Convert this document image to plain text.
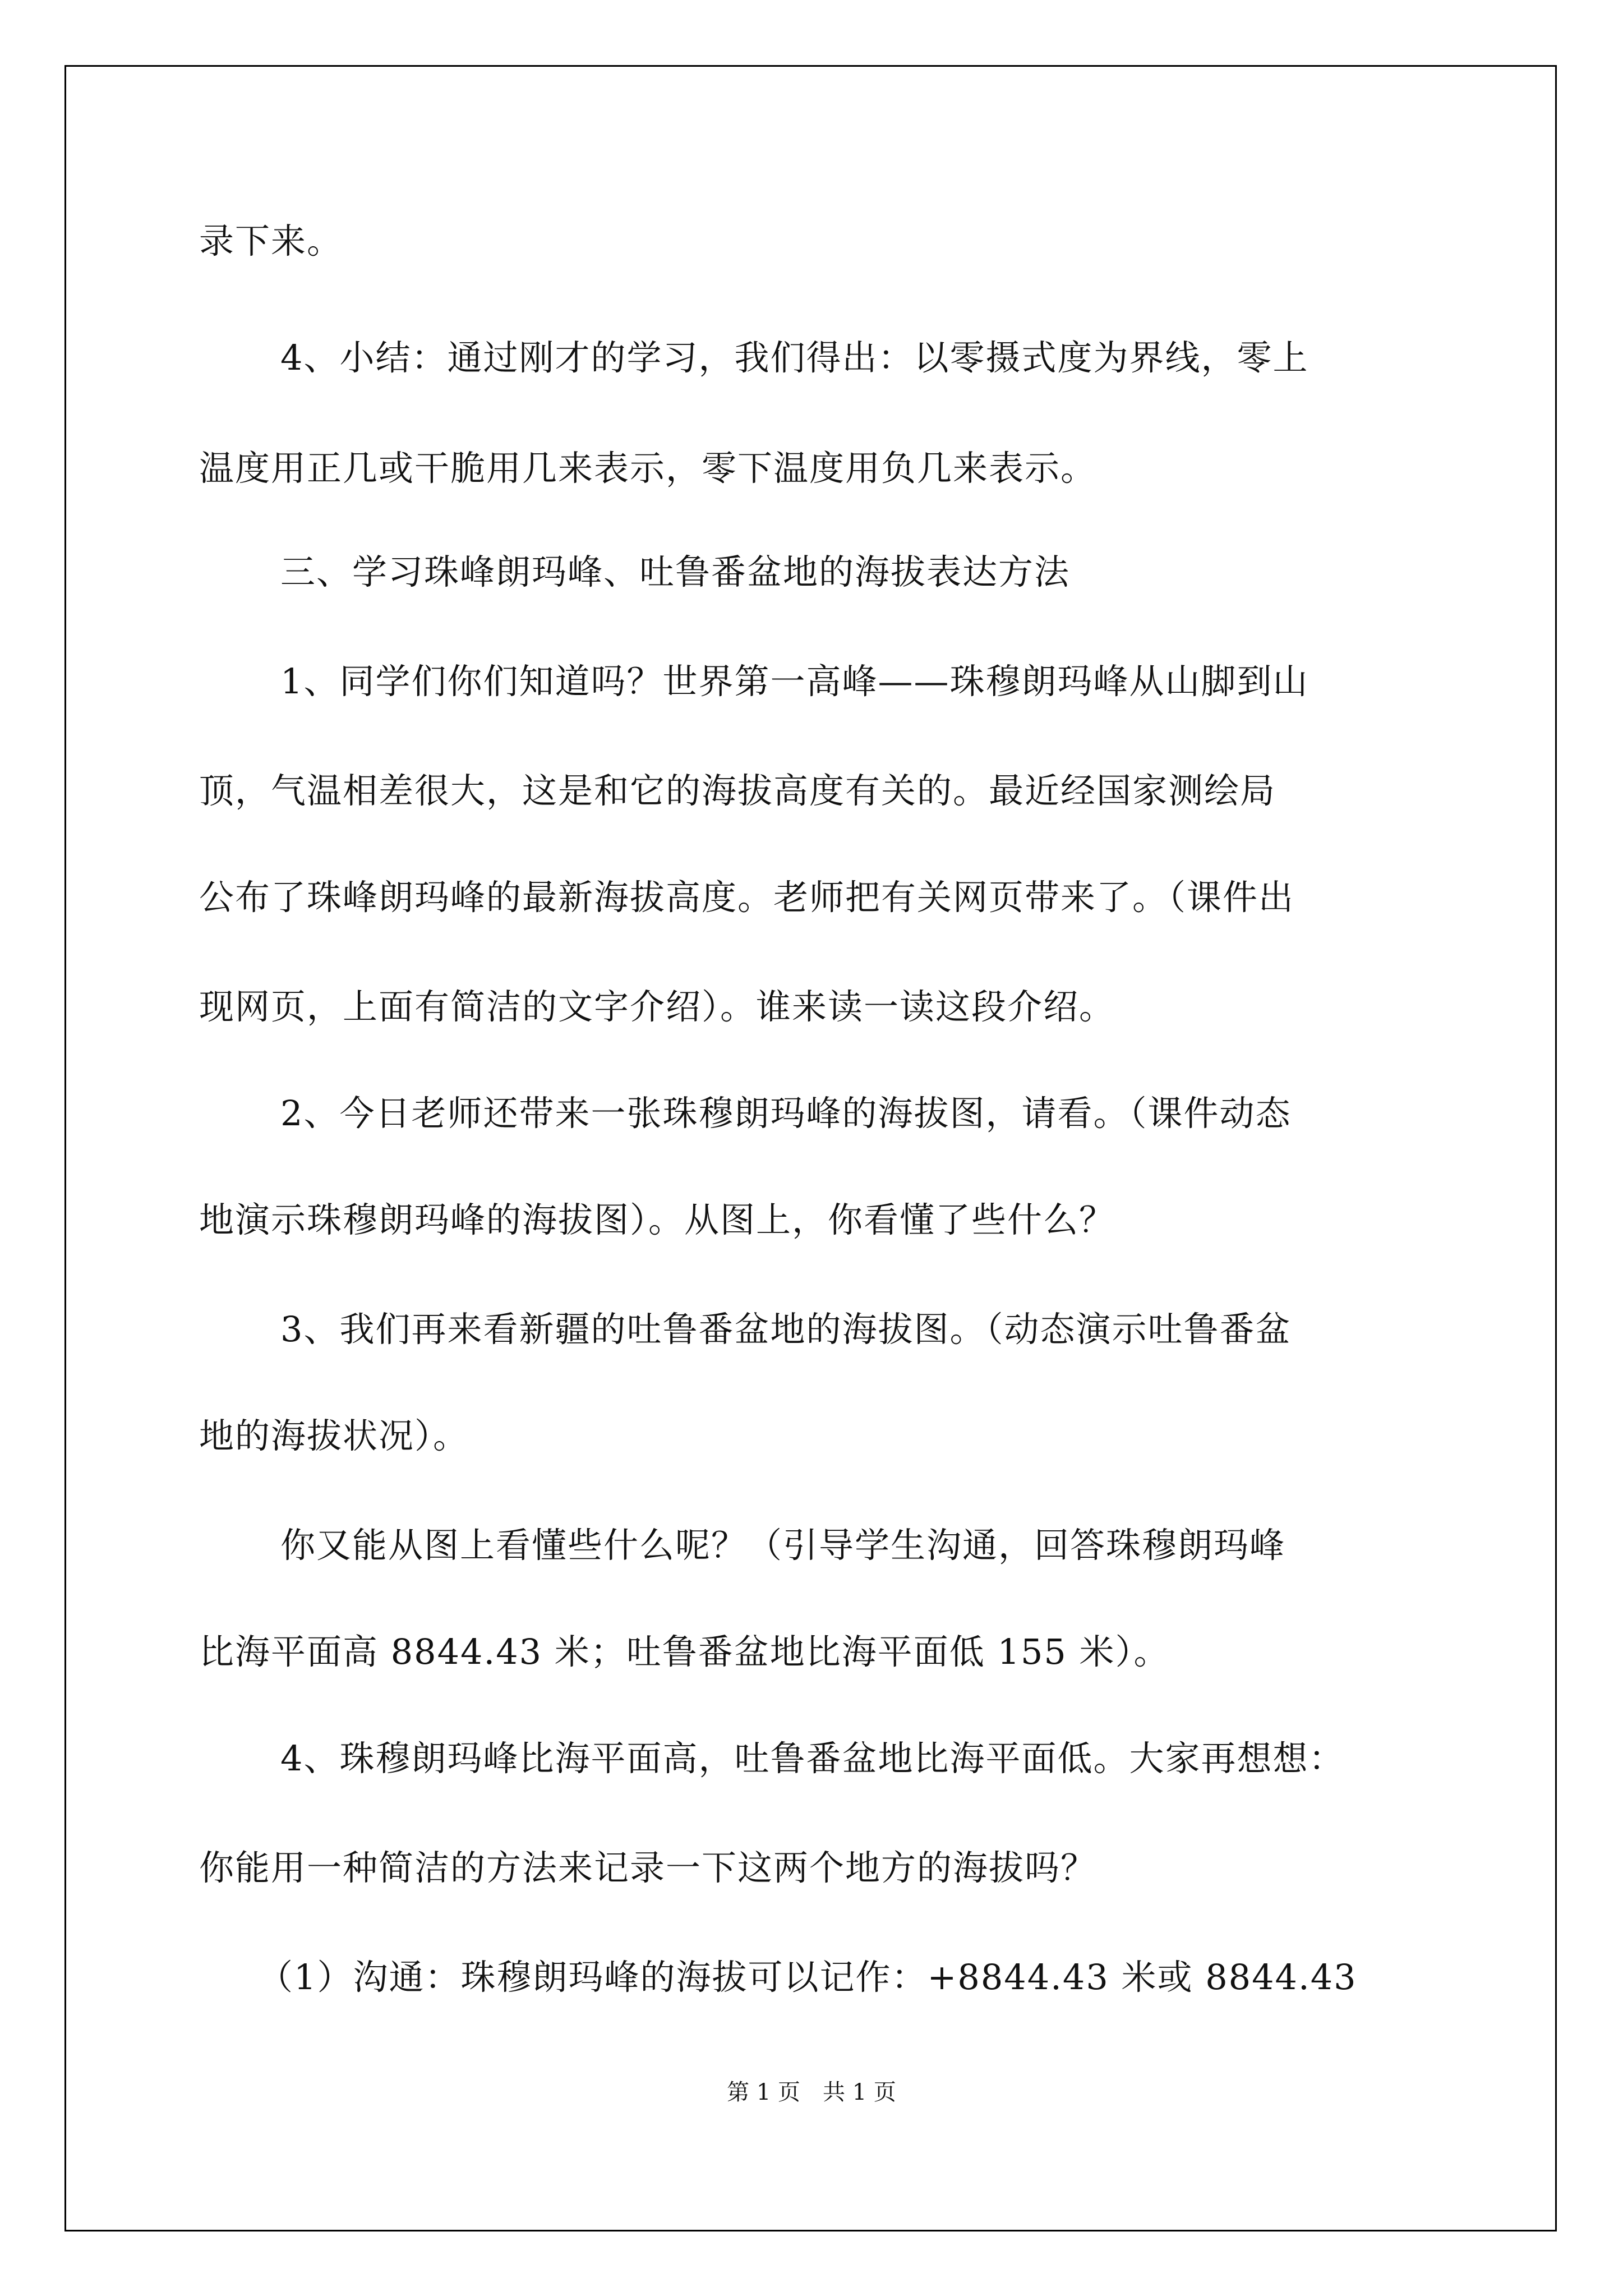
录下来。
4、小结：通过刚才的学习，我们得出：以零摄式度为界线，零上
温度用正几或干脆用几来表示，零下温度用负几来表示。
三、学习珠峰朗玛峰、吐鲁番盆地的海拔表达方法
1、同学们你们知道吗？世界第一高峰——珠穆朗玛峰从山脚到山
顶，气温相差很大，这是和它的海拔高度有关的。最近经国家测绘局
公布了珠峰朗玛峰的最新海拔高度。老师把有关网页带来了。（课件出
现网页，上面有简洁的文字介绍）。谁来读一读这段介绍。
2、今日老师还带来一张珠穆朗玛峰的海拔图，请看。（课件动态
地演示珠穆朗玛峰的海拔图）。从图上，你看懂了些什么？
3、我们再来看新疆的吐鲁番盆地的海拔图。（动态演示吐鲁番盆
地的海拔状况）。
你又能从图上看懂些什么呢？（引导学生沟通，回答珠穆朗玛峰
比海平面高 8844.43 米；吐鲁番盆地比海平面低 155 米）。
4、珠穆朗玛峰比海平面高，吐鲁番盆地比海平面低。大家再想想：
你能用一种简洁的方法来记录一下这两个地方的海拔吗？
（1）沟通：珠穆朗玛峰的海拔可以记作：+8844.43 米或 8844.43
第 1 页　共 1 页
